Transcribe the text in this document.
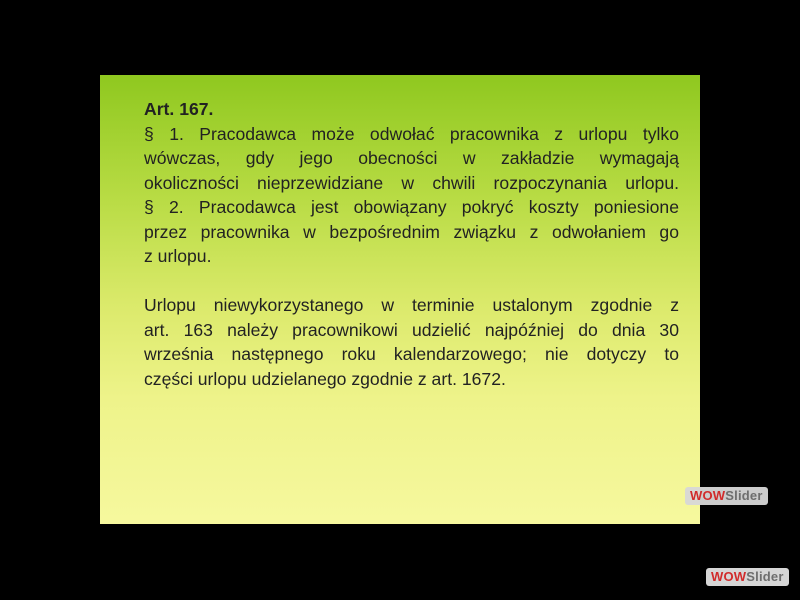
Art. 167.
§ 1. Pracodawca może odwołać pracownika z urlopu tylko
wówczas, gdy jego obecności w zakładzie wymagają
okoliczności nieprzewidziane w chwili rozpoczynania urlopu.
§ 2. Pracodawca jest obowiązany pokryć koszty poniesione
przez pracownika w bezpośrednim związku z odwołaniem go
z urlopu.
Urlopu niewykorzystanego w terminie ustalonym zgodnie z
art. 163 należy pracownikowi udzielić najpóźniej do dnia 30
września następnego roku kalendarzowego; nie dotyczy to
części urlopu udzielanego zgodnie z art. 1672.
WOWSlider
WOWSlider
